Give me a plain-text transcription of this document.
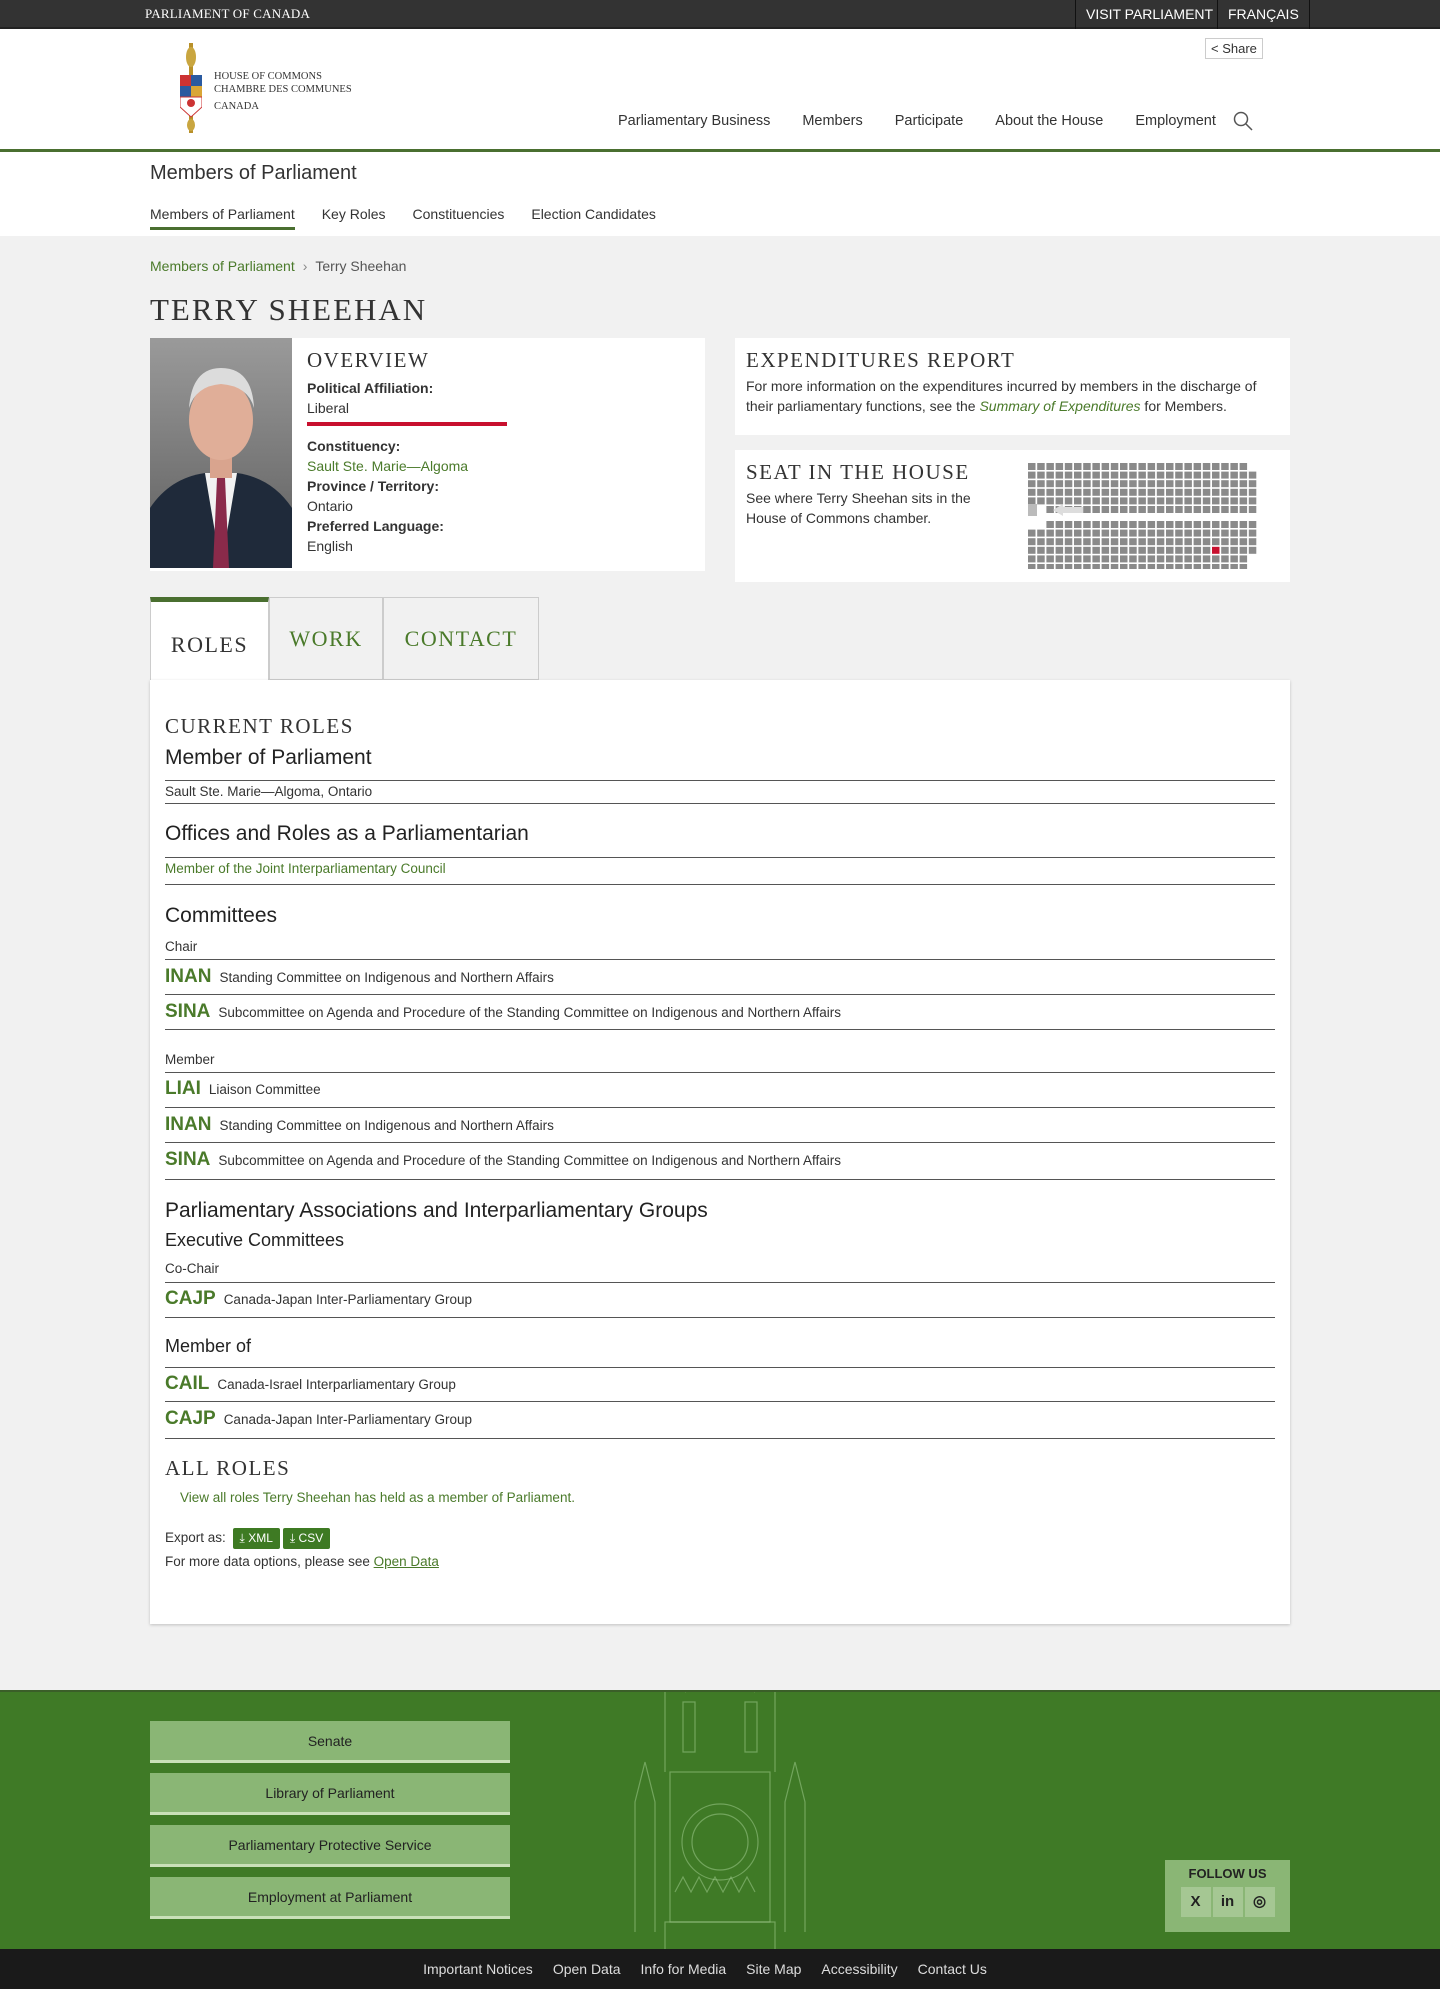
PARLIAMENT OF CANADA	VISIT PARLIAMENT	FRANÇAIS
HOUSE OF COMMONS
CHAMBRE DES COMMUNES
CANADA
< Share
Parliamentary Business Members Participate About the House Employment
Members of Parliament
Members of Parliament Key Roles Constituencies Election Candidates
Members of Parliament › Terry Sheehan
TERRY SHEEHAN
OVERVIEW
Political Affiliation:
Liberal
Constituency:
Sault Ste. Marie—Algoma
Province / Territory:
Ontario
Preferred Language:
English
EXPENDITURES REPORT

For more information on the expenditures incurred by members in the discharge of their parliamentary functions, see the Summary of Expenditures for Members.

SEAT IN THE HOUSE

See where Terry Sheehan sits in the House of Commons chamber.

ROLES	WORK	CONTACT
CURRENT ROLES
Member of Parliament
Sault Ste. Marie—Algoma, Ontario
Offices and Roles as a Parliamentarian
Member of the Joint Interparliamentary Council
Committees
Chair
INAN Standing Committee on Indigenous and Northern Affairs
SINA Subcommittee on Agenda and Procedure of the Standing Committee on Indigenous and Northern Affairs
Member
LIAI Liaison Committee
INAN Standing Committee on Indigenous and Northern Affairs
SINA Subcommittee on Agenda and Procedure of the Standing Committee on Indigenous and Northern Affairs
Parliamentary Associations and Interparliamentary Groups
Executive Committees
Co-Chair
CAJP Canada-Japan Inter-Parliamentary Group
Member of
CAIL Canada-Israel Interparliamentary Group
CAJP Canada-Japan Inter-Parliamentary Group
ALL ROLES
View all roles Terry Sheehan has held as a member of Parliament.
Export as: ⤓ XML ⤓ CSV
For more data options, please see Open Data
Senate
Library of Parliament
Parliamentary Protective Service
Employment at Parliament
FOLLOW US
X in ◎
Important Notices Open Data Info for Media Site Map Accessibility Contact Us
